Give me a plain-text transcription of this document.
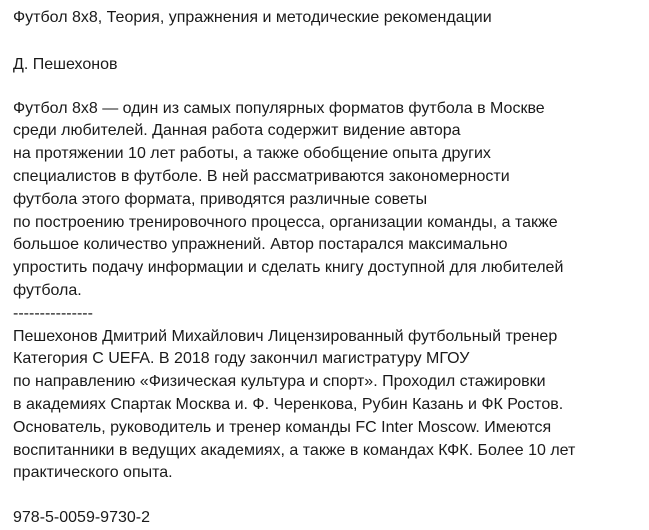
Футбол 8х8, Теория, упражнения и методические рекомендации
Д. Пешехонов
Футбол 8х8 — один из самых популярных форматов футбола в Москве
среди любителей. Данная работа содержит видение автора
на протяжении 10 лет работы, а также обобщение опыта других
специалистов в футболе. В ней рассматриваются закономерности
футбола этого формата, приводятся различные советы
по построению тренировочного процесса, организации команды, а также
большое количество упражнений. Автор постарался максимально
упростить подачу информации и сделать книгу доступной для любителей
футбола.
---------------
Пешехонов Дмитрий Михайлович Лицензированный футбольный тренер
Категория C UEFA. В 2018 году закончил магистратуру МГОУ
по направлению «Физическая культура и спорт». Проходил стажировки
в академиях Спартак Москва и. Ф. Черенкова, Рубин Казань и ФК Ростов.
Основатель, руководитель и тренер команды FC Inter Moscow. Имеются
воспитанники в ведущих академиях, а также в командах КФК. Более 10 лет
практического опыта.
978-5-0059-9730-2
